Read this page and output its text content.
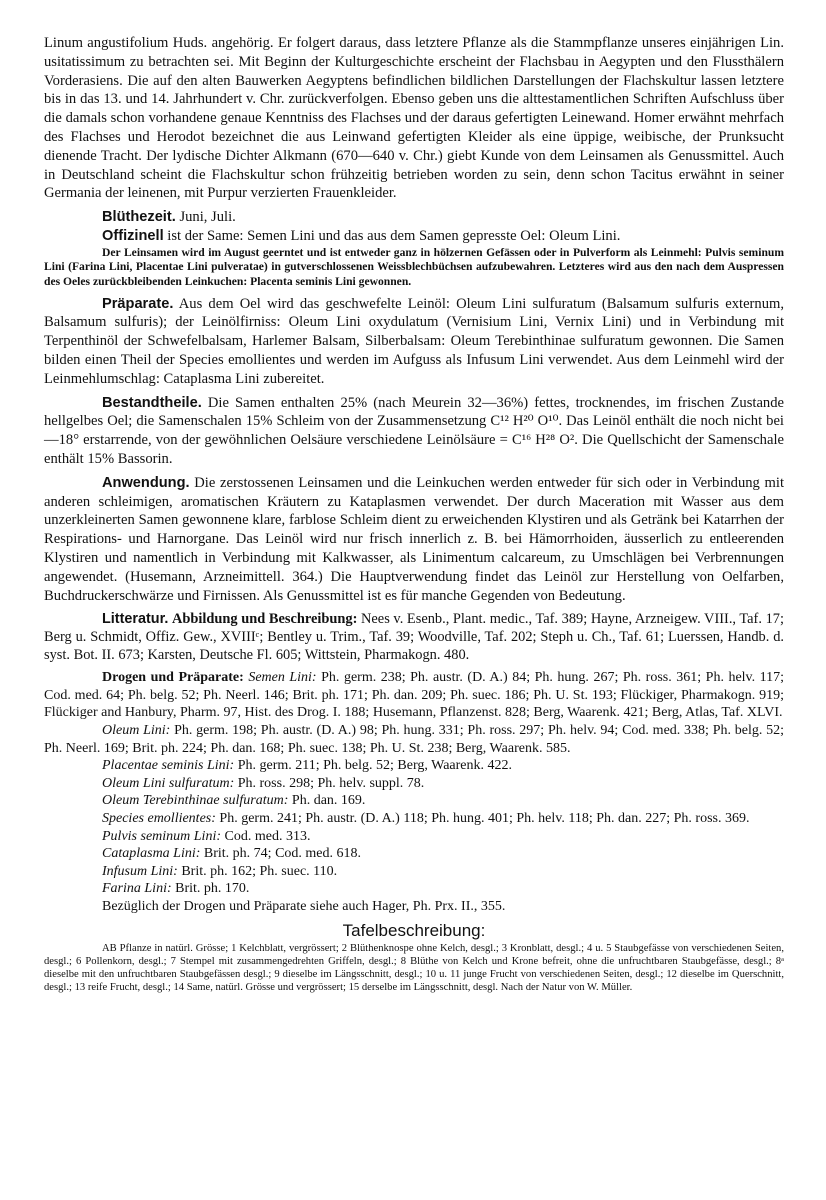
Linum angustifolium Huds. angehörig. Er folgert daraus, dass letztere Pflanze als die Stammpflanze unseres einjährigen Lin. usitatissimum zu betrachten sei. Mit Beginn der Kulturgeschichte erscheint der Flachsbau in Aegypten und den Flussthälern Vorderasiens. Die auf den alten Bauwerken Aegyptens befindlichen bildlichen Darstellungen der Flachskultur lassen letztere bis in das 13. und 14. Jahrhundert v. Chr. zurückverfolgen. Ebenso geben uns die alttestamentlichen Schriften Aufschluss über die damals schon vorhandene genaue Kenntniss des Flachses und der daraus gefertigten Leinewand. Homer erwähnt mehrfach des Flachses und Herodot bezeichnet die aus Leinwand gefertigten Kleider als eine üppige, weibische, der Prunksucht dienende Tracht. Der lydische Dichter Alkmann (670—640 v. Chr.) giebt Kunde von dem Leinsamen als Genussmittel. Auch in Deutschland scheint die Flachskultur schon frühzeitig betrieben worden zu sein, denn schon Tacitus erwähnt in seiner Germania der leinenen, mit Purpur verzierten Frauenkleider.

Blüthezeit. Juni, Juli.

Offizinell ist der Same: Semen Lini und das aus dem Samen gepresste Oel: Oleum Lini.

Der Leinsamen wird im August geerntet und ist entweder ganz in hölzernen Gefässen oder in Pulverform als Leinmehl: Pulvis seminum Lini (Farina Lini, Placentae Lini pulveratae) in gutverschlossenen Weissblechbüchsen aufzubewahren. Letzteres wird aus den nach dem Auspressen des Oeles zurückbleibenden Leinkuchen: Placenta seminis Lini gewonnen.

Präparate. Aus dem Oel wird das geschwefelte Leinöl: Oleum Lini sulfuratum (Balsamum sulfuris externum, Balsamum sulfuris); der Leinölfirniss: Oleum Lini oxydulatum (Vernisium Lini, Vernix Lini) und in Verbindung mit Terpenthinöl der Schwefelbalsam, Harlemer Balsam, Silberbalsam: Oleum Terebinthinae sulfuratum gewonnen. Die Samen bilden einen Theil der Species emollientes und werden im Aufguss als Infusum Lini verwendet. Aus dem Leinmehl wird der Leinmehlumschlag: Cataplasma Lini zubereitet.

Bestandtheile. Die Samen enthalten 25% (nach Meurein 32—36%) fettes, trocknendes, im frischen Zustande hellgelbes Oel; die Samenschalen 15% Schleim von der Zusammensetzung C¹² H²⁰ O¹⁰. Das Leinöl enthält die noch nicht bei —18° erstarrende, von der gewöhnlichen Oelsäure verschiedene Leinölsäure = C¹⁶ H²⁸ O². Die Quellschicht der Samenschale enthält 15% Bassorin.

Anwendung. Die zerstossenen Leinsamen und die Leinkuchen werden entweder für sich oder in Verbindung mit anderen schleimigen, aromatischen Kräutern zu Kataplasmen verwendet. Der durch Maceration mit Wasser aus dem unzerkleinerten Samen gewonnene klare, farblose Schleim dient zu erweichenden Klystiren und als Getränk bei Katarrhen der Respirations- und Harnorgane. Das Leinöl wird nur frisch innerlich z. B. bei Hämorrhoiden, äusserlich zu entleerenden Klystiren und namentlich in Verbindung mit Kalkwasser, als Linimentum calcareum, zu Umschlägen bei Verbrennungen angewendet. (Husemann, Arzneimittell. 364.) Die Hauptverwendung findet das Leinöl zur Herstellung von Oelfarben, Buchdruckerschwärze und Firnissen. Als Genussmittel ist es für manche Gegenden von Bedeutung.

Litteratur. Abbildung und Beschreibung: Nees v. Esenb., Plant. medic., Taf. 389; Hayne, Arzneigew. VIII., Taf. 17; Berg u. Schmidt, Offiz. Gew., XVIIIᶜ; Bentley u. Trim., Taf. 39; Woodville, Taf. 202; Steph u. Ch., Taf. 61; Luerssen, Handb. d. syst. Bot. II. 673; Karsten, Deutsche Fl. 605; Wittstein, Pharmakogn. 480.

Drogen und Präparate: Semen Lini: Ph. germ. 238; Ph. austr. (D. A.) 84; Ph. hung. 267; Ph. ross. 361; Ph. helv. 117; Cod. med. 64; Ph. belg. 52; Ph. Neerl. 146; Brit. ph. 171; Ph. dan. 209; Ph. suec. 186; Ph. U. St. 193; Flückiger, Pharmakogn. 919; Flückiger and Hanbury, Pharm. 97, Hist. des Drog. I. 188; Husemann, Pflanzenst. 828; Berg, Waarenk. 421; Berg, Atlas, Taf. XLVI.

Oleum Lini: Ph. germ. 198; Ph. austr. (D. A.) 98; Ph. hung. 331; Ph. ross. 297; Ph. helv. 94; Cod. med. 338; Ph. belg. 52; Ph. Neerl. 169; Brit. ph. 224; Ph. dan. 168; Ph. suec. 138; Ph. U. St. 238; Berg, Waarenk. 585.

Placentae seminis Lini: Ph. germ. 211; Ph. belg. 52; Berg, Waarenk. 422.

Oleum Lini sulfuratum: Ph. ross. 298; Ph. helv. suppl. 78.

Oleum Terebinthinae sulfuratum: Ph. dan. 169.

Species emollientes: Ph. germ. 241; Ph. austr. (D. A.) 118; Ph. hung. 401; Ph. helv. 118; Ph. dan. 227; Ph. ross. 369.

Pulvis seminum Lini: Cod. med. 313.

Cataplasma Lini: Brit. ph. 74; Cod. med. 618.

Infusum Lini: Brit. ph. 162; Ph. suec. 110.

Farina Lini: Brit. ph. 170.

Bezüglich der Drogen und Präparate siehe auch Hager, Ph. Prx. II., 355.

Tafelbeschreibung:

AB Pflanze in natürl. Grösse; 1 Kelchblatt, vergrössert; 2 Blüthenknospe ohne Kelch, desgl.; 3 Kronblatt, desgl.; 4 u. 5 Staubgefässe von verschiedenen Seiten, desgl.; 6 Pollenkorn, desgl.; 7 Stempel mit zusammengedrehten Griffeln, desgl.; 8 Blüthe von Kelch und Krone befreit, ohne die unfruchtbaren Staubgefässe, desgl.; 8ᵃ dieselbe mit den unfruchtbaren Staubgefässen desgl.; 9 dieselbe im Längsschnitt, desgl.; 10 u. 11 junge Frucht von verschiedenen Seiten, desgl.; 12 dieselbe im Querschnitt, desgl.; 13 reife Frucht, desgl.; 14 Same, natürl. Grösse und vergrössert; 15 derselbe im Längsschnitt, desgl. Nach der Natur von W. Müller.
